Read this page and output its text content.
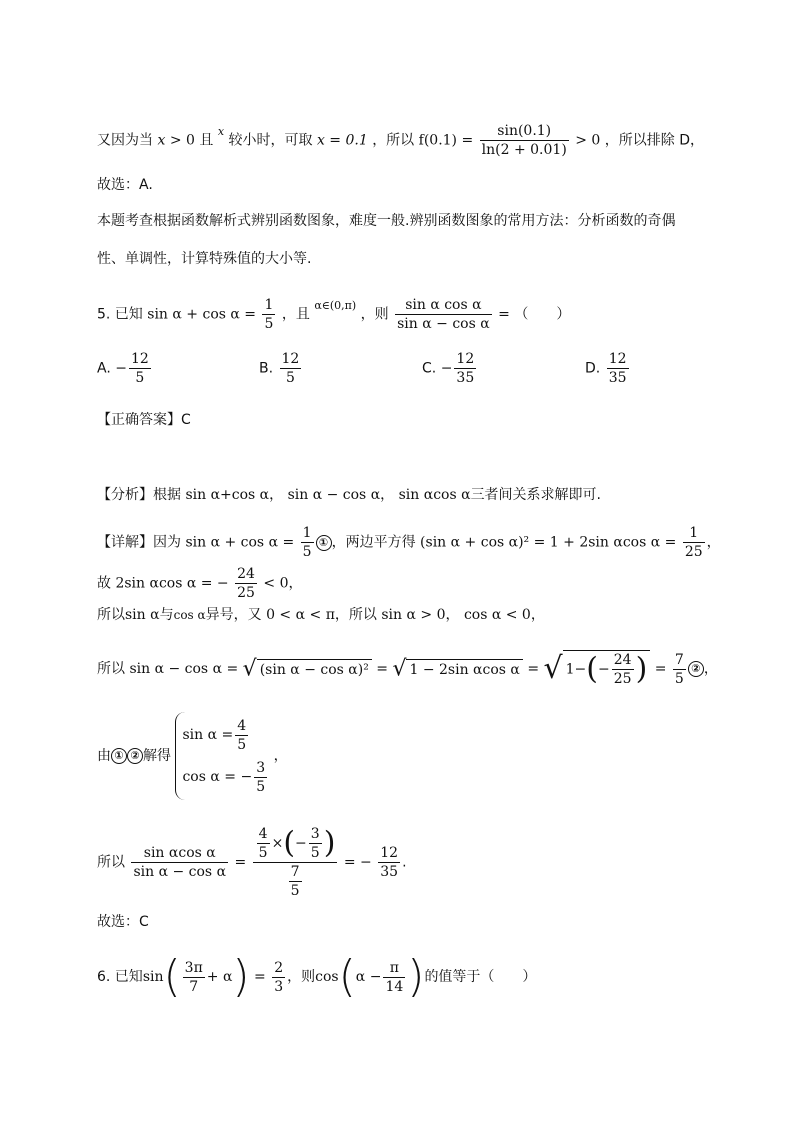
又因为当 x > 0 且 $^x$ 较小时，可取 x = 0.1 ，所以 $f(0.1) = \frac{\sin(0.1)}{\ln(2 + 0.01)} > 0$ ，所以排除 D，
故选：A.
本题考查根据函数解析式辨别函数图象，难度一般.辨别函数图象的常用方法：分析函数的奇偶
性、单调性，计算特殊值的大小等.
5. 已知 $\sin \alpha + \cos \alpha = \frac{1}{5}$ ，且 $^{\alpha\in(0,\pi)}$ ，则 $\frac{\text{sin α cos α}}{\text{sin α − cos α}}$ = （　　）
A. − $\frac{12}{5}$	B. $\frac{12}{5}$	C. − $\frac{12}{35}$	D. $\frac{12}{35}$
【正确答案】C
【分析】根据 sin α+cos α， sin α − cos α， sin αcos α三者间关系求解即可.
【详解】因为 $\sin \alpha + \cos \alpha = \frac{1}{5}$ ① ，两边平方得 (sin α + cos α)² = 1 + 2sin αcos $\alpha = \frac{1}{25}$ ，
故 2sin αcos α = − $\frac{24}{25} < 0$，
所以sin α与cos α异号，又 0 < α < π，所以 sin α > 0， cos α < 0，
所以 sin α − cos α = √ (sin α − cos α)² = √ 1 − 2sin αcos α = √ $1-(- \frac{24}{25}$ ) = $\frac{7}{5}$ ② ，
由 ① ② 解得
$\sin \alpha = \frac{4}{5}$
cos α = − $\frac{3}{5}$
，
所以 $\frac{\text{sin αcos α}}{\text{sin α − cos α}} = \frac{\frac{4}{5} \times(- \frac{3}{5} )}{\frac{7}{5}}$ = − $\frac{12}{35}$ .
故选：C
6. 已知$\sin( \frac{3\pi}{7} + \alpha) = \frac{2}{3}$ ，则$\cos(\alpha - \frac{\pi}{14}$ )的值等于（　　）
